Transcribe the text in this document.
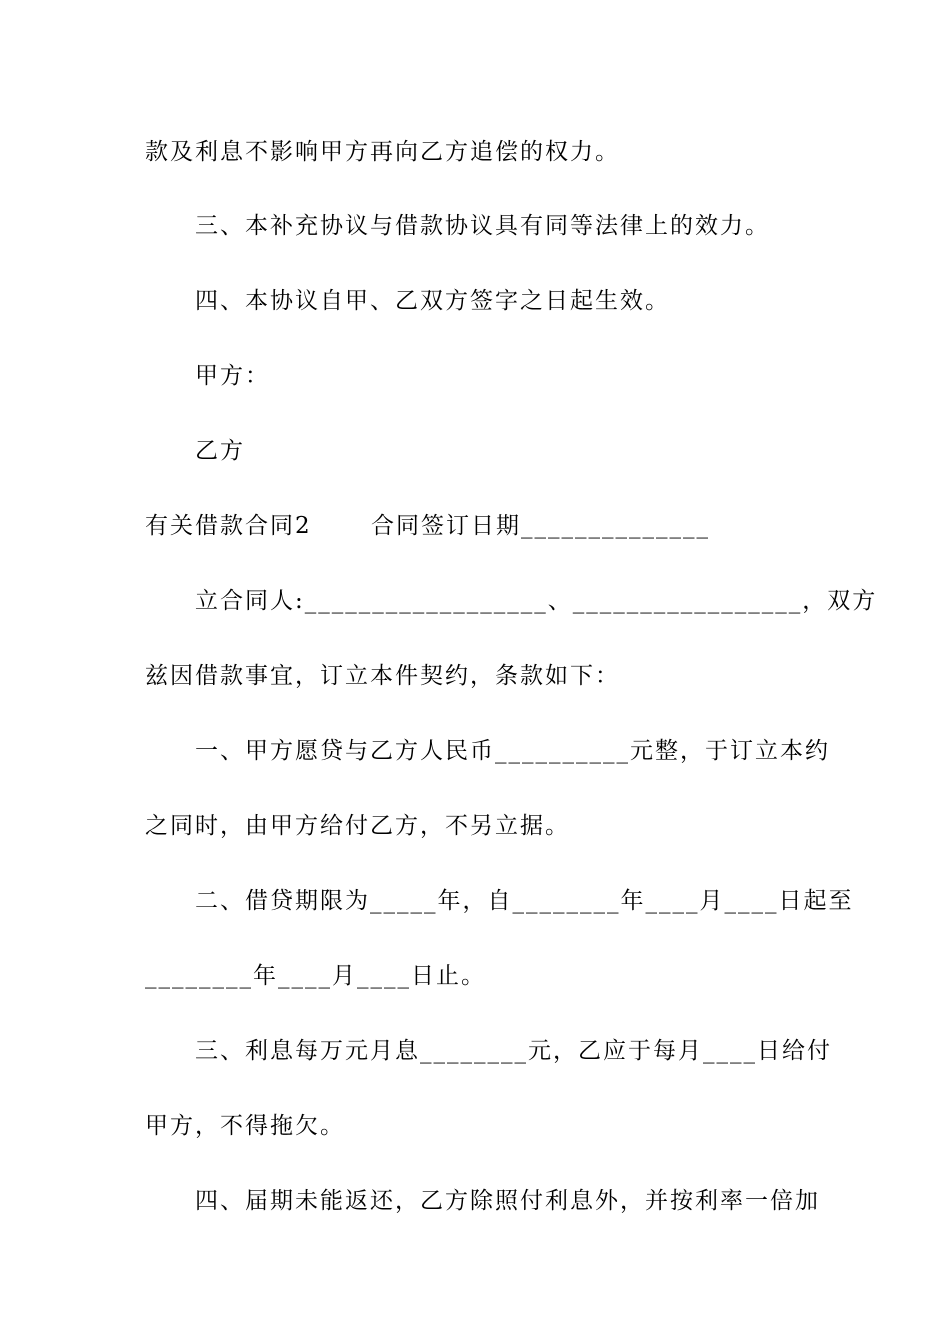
款及利息不影响甲方再向乙方追偿的权力。

三、本补充协议与借款协议具有同等法律上的效力。

四、本协议自甲、乙双方签字之日起生效。

甲方：

乙方

有关借款合同2　　 合同签订日期______________

立合同人:__________________、_________________，双方

兹因借款事宜，订立本件契约，条款如下：

一、甲方愿贷与乙方人民币__________元整，于订立本约

之同时，由甲方给付乙方，不另立据。

二、借贷期限为_____年，自________年____月____日起至

________年____月____日止。

三、利息每万元月息________元，乙应于每月____日给付

甲方，不得拖欠。

四、届期未能返还，乙方除照付利息外，并按利率一倍加
